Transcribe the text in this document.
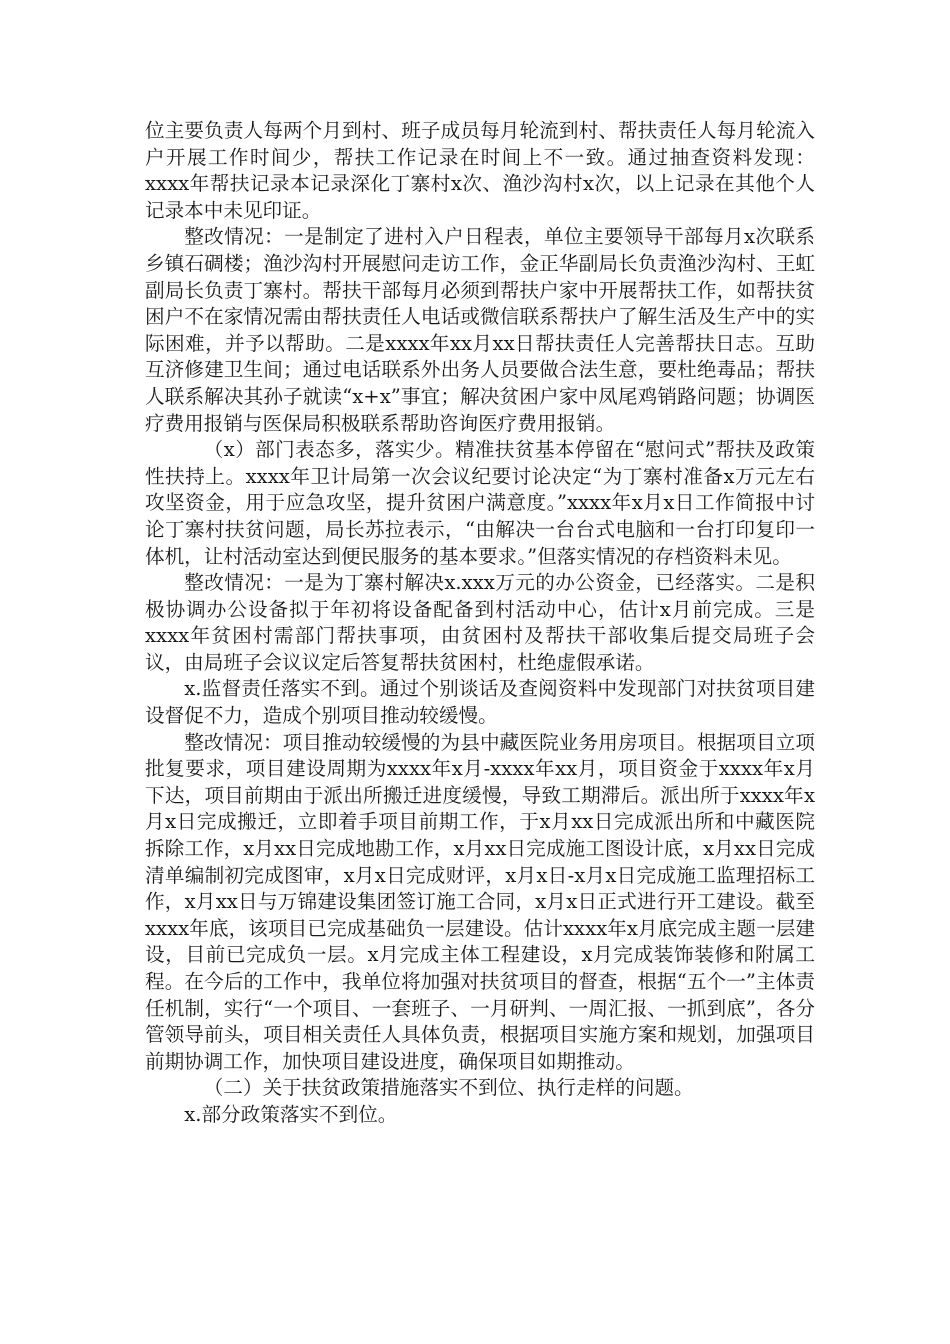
位主要负责人每两个月到村、班子成员每月轮流到村、帮扶责任人每月轮流入户开展工作时间少，帮扶工作记录在时间上不一致。通过抽查资料发现：xxxx年帮扶记录本记录深化丁寨村x次、渔沙沟村x次，以上记录在其他个人记录本中未见印证。

整改情况：一是制定了进村入户日程表，单位主要领导干部每月x次联系乡镇石碉楼；渔沙沟村开展慰问走访工作，金正华副局长负责渔沙沟村、王虹副局长负责丁寨村。帮扶干部每月必须到帮扶户家中开展帮扶工作，如帮扶贫困户不在家情况需由帮扶责任人电话或微信联系帮扶户了解生活及生产中的实际困难，并予以帮助。二是xxxx年xx月xx日帮扶责任人完善帮扶日志。互助互济修建卫生间；通过电话联系外出务人员要做合法生意，要杜绝毒品；帮扶人联系解决其孙子就读“x+x”事宜；解决贫困户家中凤尾鸡销路问题；协调医疗费用报销与医保局积极联系帮助咨询医疗费用报销。

（x）部门表态多，落实少。精准扶贫基本停留在“慰问式”帮扶及政策性扶持上。xxxx年卫计局第一次会议纪要讨论决定“为丁寨村准备x万元左右攻坚资金，用于应急攻坚，提升贫困户满意度。”xxxx年x月x日工作简报中讨论丁寨村扶贫问题，局长苏拉表示，“由解决一台台式电脑和一台打印复印一体机，让村活动室达到便民服务的基本要求。”但落实情况的存档资料未见。

整改情况：一是为丁寨村解决x.xxx万元的办公资金，已经落实。二是积极协调办公设备拟于年初将设备配备到村活动中心，估计x月前完成。三是xxxx年贫困村需部门帮扶事项，由贫困村及帮扶干部收集后提交局班子会议，由局班子会议议定后答复帮扶贫困村，杜绝虚假承诺。

x.监督责任落实不到。通过个别谈话及查阅资料中发现部门对扶贫项目建设督促不力，造成个别项目推动较缓慢。

整改情况：项目推动较缓慢的为县中藏医院业务用房项目。根据项目立项批复要求，项目建设周期为xxxx年x月-xxxx年xx月，项目资金于xxxx年x月下达，项目前期由于派出所搬迁进度缓慢，导致工期滞后。派出所于xxxx年x月x日完成搬迁，立即着手项目前期工作，于x月xx日完成派出所和中藏医院拆除工作，x月xx日完成地勘工作，x月xx日完成施工图设计底，x月xx日完成清单编制初完成图审，x月x日完成财评，x月x日-x月x日完成施工监理招标工作，x月xx日与万锦建设集团签订施工合同，x月x日正式进行开工建设。截至xxxx年底，该项目已完成基础负一层建设。估计xxxx年x月底完成主题一层建设，目前已完成负一层。x月完成主体工程建设，x月完成装饰装修和附属工程。在今后的工作中，我单位将加强对扶贫项目的督查，根据“五个一”主体责任机制，实行“一个项目、一套班子、一月研判、一周汇报、一抓到底”，各分管领导前头，项目相关责任人具体负责，根据项目实施方案和规划，加强项目前期协调工作，加快项目建设进度，确保项目如期推动。

（二）关于扶贫政策措施落实不到位、执行走样的问题。

x.部分政策落实不到位。
